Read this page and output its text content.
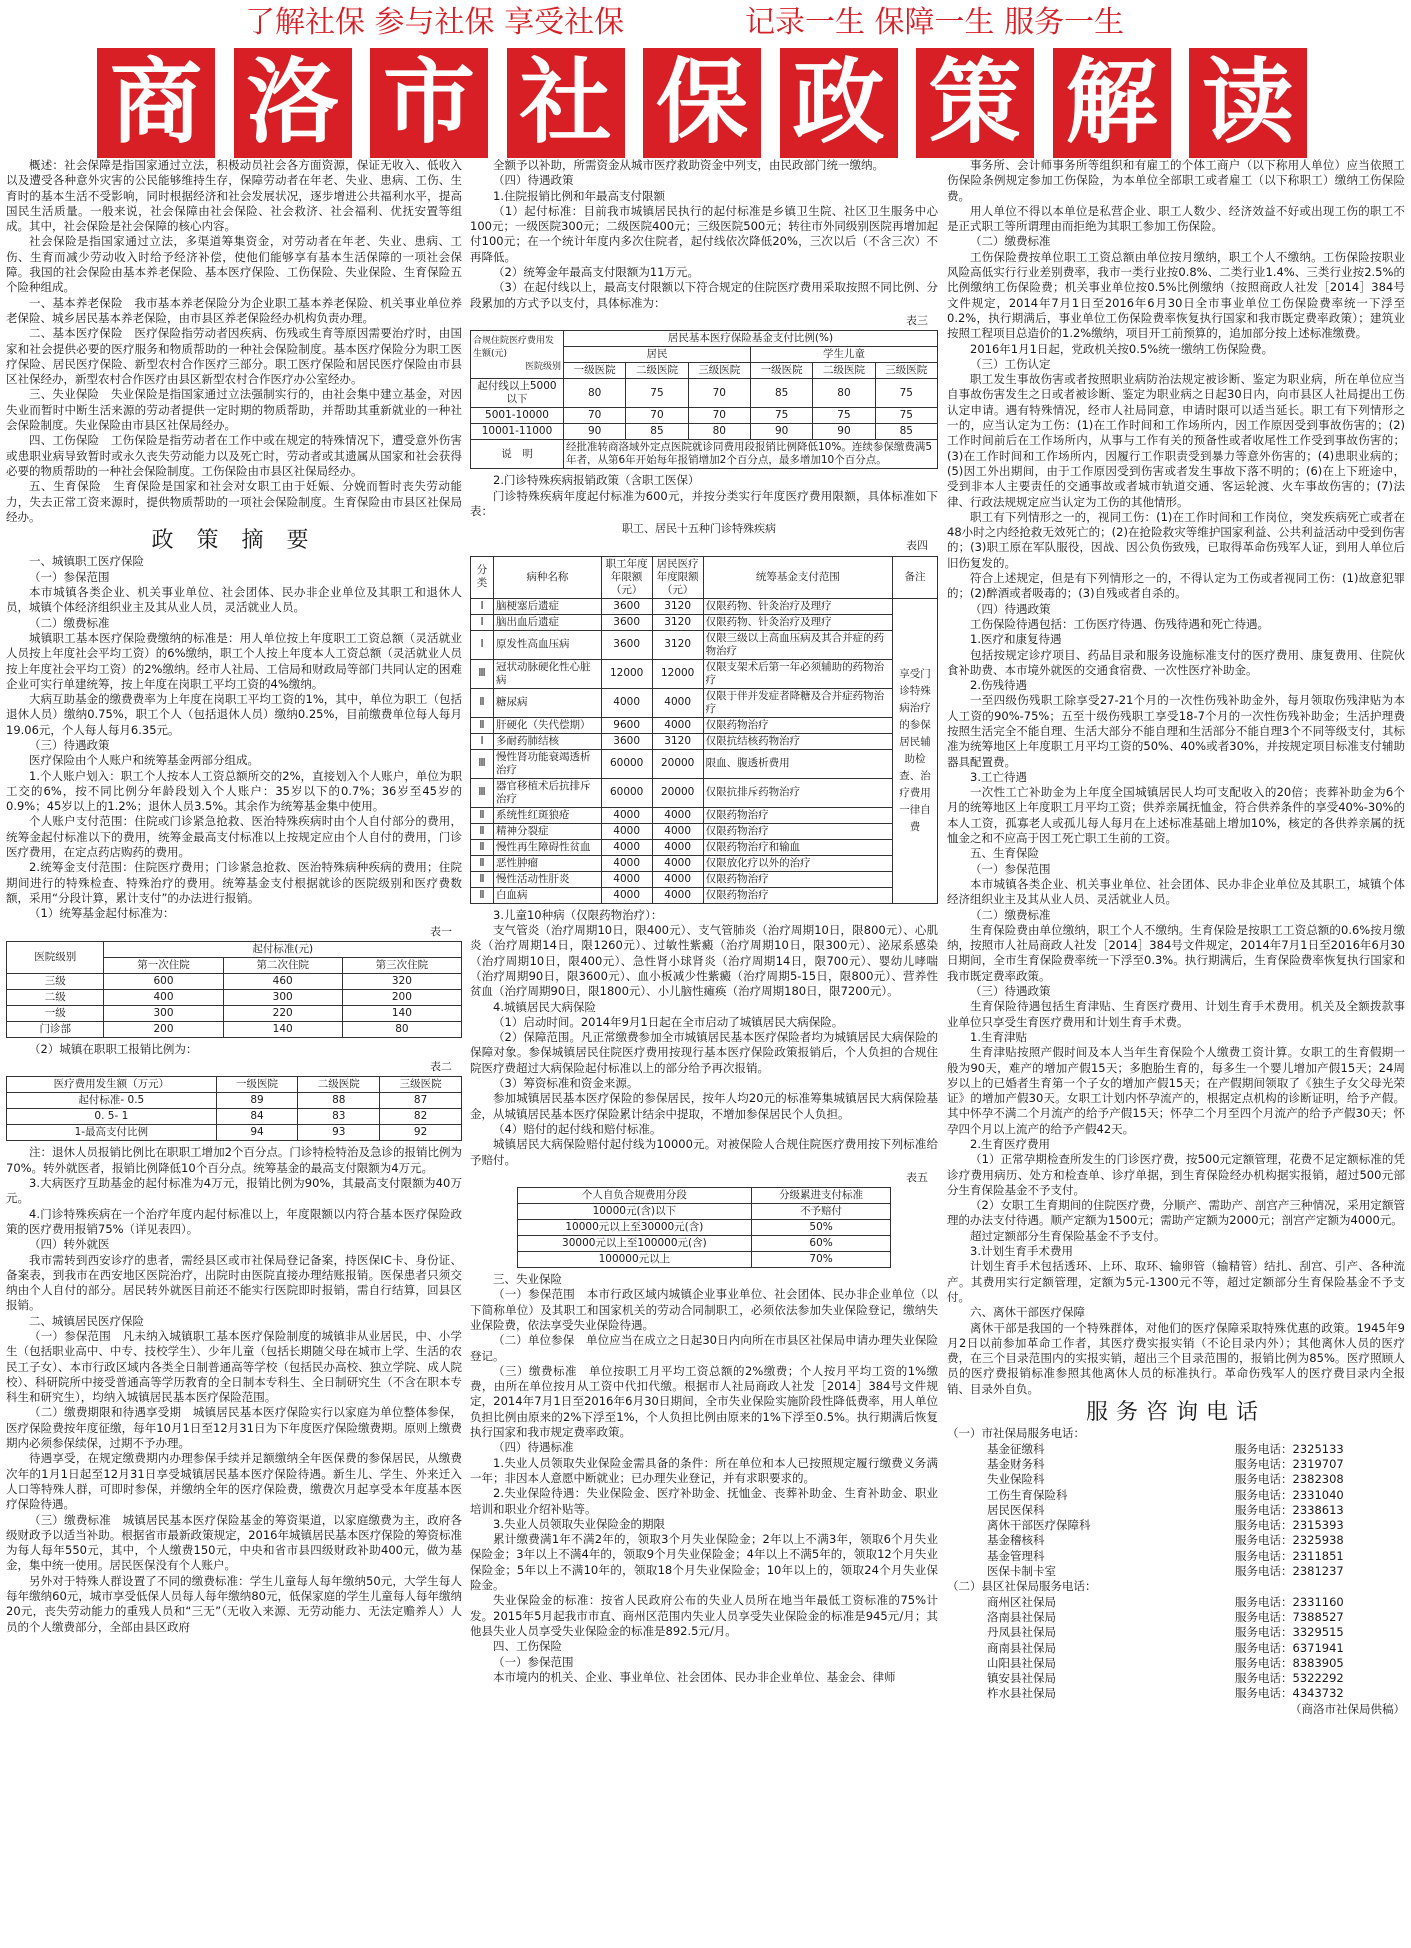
了解社保 参与社保 享受社保	记录一生 保障一生 服务一生
商 洛 市 社 保 政 策 解 读

概述：社会保障是指国家通过立法，积极动员社会各方面资源，保证无收入、低收入以及遭受各种意外灾害的公民能够维持生存，保障劳动者在年老、失业、患病、工伤、生育时的基本生活不受影响，同时根据经济和社会发展状况，逐步增进公共福利水平，提高国民生活质量。一般来说，社会保障由社会保险、社会救济、社会福利、优抚安置等组成。其中，社会保险是社会保障的核心内容。

社会保险是指国家通过立法，多渠道筹集资金，对劳动者在年老、失业、患病、工伤、生育而减少劳动收入时给予经济补偿，使他们能够享有基本生活保障的一项社会保障。我国的社会保险由基本养老保险、基本医疗保险、工伤保险、失业保险、生育保险五个险种组成。

一、基本养老保险　我市基本养老保险分为企业职工基本养老保险、机关事业单位养老保险、城乡居民基本养老保险，由市县区养老保险经办机构负责办理。

二、基本医疗保险　医疗保险指劳动者因疾病、伤残或生育等原因需要治疗时，由国家和社会提供必要的医疗服务和物质帮助的一种社会保险制度。基本医疗保险分为职工医疗保险、居民医疗保险、新型农村合作医疗三部分。职工医疗保险和居民医疗保险由市县区社保经办，新型农村合作医疗由县区新型农村合作医疗办公室经办。

三、失业保险　失业保险是指国家通过立法强制实行的，由社会集中建立基金，对因失业而暂时中断生活来源的劳动者提供一定时期的物质帮助，并帮助其重新就业的一种社会保险制度。失业保险由市县区社保局经办。

四、工伤保险　工伤保险是指劳动者在工作中或在规定的特殊情况下，遭受意外伤害或患职业病导致暂时或永久丧失劳动能力以及死亡时，劳动者或其遗属从国家和社会获得必要的物质帮助的一种社会保险制度。工伤保险由市县区社保局经办。

五、生育保险　生育保险是国家和社会对女职工由于妊娠、分娩而暂时丧失劳动能力，失去正常工资来源时，提供物质帮助的一项社会保险制度。生育保险由市县区社保局经办。

政 策 摘 要

一、城镇职工医疗保险

（一）参保范围

本市城镇各类企业、机关事业单位、社会团体、民办非企业单位及其职工和退休人员，城镇个体经济组织业主及其从业人员，灵活就业人员。

（二）缴费标准

城镇职工基本医疗保险费缴纳的标准是：用人单位按上年度职工工资总额（灵活就业人员按上年度社会平均工资）的6%缴纳，职工个人按上年度本人工资总额（灵活就业人员按上年度社会平均工资）的2%缴纳。经市人社局、工信局和财政局等部门共同认定的困难企业可实行单建统筹，按上年度在岗职工平均工资的4%缴纳。

大病互助基金的缴费费率为上年度在岗职工平均工资的1%，其中，单位为职工（包括退休人员）缴纳0.75%，职工个人（包括退休人员）缴纳0.25%，目前缴费单位每人每月19.06元，个人每人每月6.35元。

（三）待遇政策

医疗保险由个人账户和统筹基金两部分组成。

1.个人账户划入：职工个人按本人工资总额所交的2%，直接划入个人账户，单位为职工交的6%，按不同比例分年龄段划入个人账户：35岁以下的0.7%；36岁至45岁的0.9%；45岁以上的1.2%；退休人员3.5%。其余作为统筹基金集中使用。

个人账户支付范围：住院或门诊紧急抢救、医治特殊疾病时由个人自付部分的费用，统筹金起付标准以下的费用，统筹金最高支付标准以上按规定应由个人自付的费用，门诊医疗费用，在定点药店购药的费用。

2.统筹金支付范围：住院医疗费用；门诊紧急抢救、医治特殊病种疾病的费用；住院期间进行的特殊检查、特殊治疗的费用。统筹基金支付根据就诊的医院级别和医疗费数额，采用“分段计算，累计支付”的办法进行报销。

（1）统筹基金起付标准为：

表一
医院级别	起付标准(元)		
	第一次住院	第二次住院	第三次住院
三级	600	460	320
二级	400	300	200
一级	300	220	140
门诊部	200	140	80

（2）城镇在职职工报销比例为：

表二
医疗费用发生额（万元）	一级医院	二级医院	三级医院
起付标准- 0.5	89	88	87
0. 5- 1	84	83	82
1-最高支付比例	94	93	92

注：退休人员报销比例比在职职工增加2个百分点。门诊特检特治及急诊的报销比例为70%。转外就医者，报销比例降低10个百分点。统筹基金的最高支付限额为4万元。

3.大病医疗互助基金的起付标准为4万元，报销比例为90%，其最高支付限额为40万元。

4.门诊特殊疾病在一个治疗年度内起付标准以上，年度限额以内符合基本医疗保险政策的医疗费用报销75%（详见表四）。

（四）转外就医

我市需转到西安诊疗的患者，需经县区或市社保局登记备案，持医保IC卡、身份证、备案表，到我市在西安地区医院治疗，出院时由医院直接办理结账报销。医保患者只须交纳由个人自付的部分。居民转外就医目前还不能实行医院即时报销，需自行结算，回县区报销。

二、城镇居民医疗保险

（一）参保范围　凡未纳入城镇职工基本医疗保险制度的城镇非从业居民，中、小学生（包括职业高中、中专、技校学生）、少年儿童（包括长期随父母在城市上学、生活的农民工子女）、本市行政区域内各类全日制普通高等学校（包括民办高校、独立学院、成人院校）、科研院所中接受普通高等学历教育的全日制本专科生、全日制研究生（不含在职本专科生和研究生），均纳入城镇居民基本医疗保险范围。

（二）缴费期限和待遇享受期　城镇居民基本医疗保险实行以家庭为单位整体参保，医疗保险费按年度征缴，每年10月1日至12月31日为下年度医疗保险缴费期。原则上缴费期内必须参保续保，过期不予办理。

待遇享受，在规定缴费期内办理参保手续并足额缴纳全年医保费的参保居民，从缴费次年的1月1日起至12月31日享受城镇居民基本医疗保险待遇。新生儿、学生、外来迁入人口等特殊人群，可即时参保，并缴纳全年的医疗保险费，缴费次月起享受本年度基本医疗保险待遇。

（三）缴费标准　城镇居民基本医疗保险基金的筹资渠道，以家庭缴费为主，政府各级财政予以适当补助。根据省市最新政策规定，2016年城镇居民基本医疗保险的筹资标准为每人每年550元，其中，个人缴费150元，中央和省市县四级财政补助400元，做为基金，集中统一使用。居民医保没有个人账户。

另外对于特殊人群设置了不同的缴费标准：学生儿童每人每年缴纳50元，大学生每人每年缴纳60元，城市享受低保人员每人每年缴纳80元，低保家庭的学生儿童每人每年缴纳20元，丧失劳动能力的重残人员和“三无”（无收入来源、无劳动能力、无法定赡养人）人员的个人缴费部分，全部由县区政府

全额予以补助，所需资金从城市医疗救助资金中列支，由民政部门统一缴纳。

（四）待遇政策

1.住院报销比例和年最高支付限额

（1）起付标准：目前我市城镇居民执行的起付标准是乡镇卫生院、社区卫生服务中心100元；一级医院300元；二级医院400元；三级医院500元；转往市外同级别医院再增加起付100元；在一个统计年度内多次住院者，起付线依次降低20%，三次以后（不含三次）不再降低。

（2）统筹金年最高支付限额为11万元。

（3）在起付线以上，最高支付限额以下符合规定的住院医疗费用采取按照不同比例、分段累加的方式予以支付，具体标准为：

表三
合规住院医疗费用发生额(元)
医院级别	居民基本医疗保险基金支付比例(%)					
	居民			学生儿童		
	一级医院	二级医院	三级医院	一级医院	二级医院	三级医院
起付线以上5000以下	80	75	70	85	80	75
5001-10000	70	70	70	75	75	75
10001-11000	90	85	80	90	90	85
说　明	经批准转商洛域外定点医院就诊同费用段报销比例降低10%。连续参保缴费满5年者，从第6年开始每年报销增加2个百分点，最多增加10个百分点。					

2.门诊特殊疾病报销政策（含职工医保）

门诊特殊疾病年度起付标准为600元，并按分类实行年度医疗费用限额，具体标准如下表：

职工、居民十五种门诊特殊疾病
表四
分类	病种名称	职工年度年限额（元）	居民医疗年度限额（元）	统筹基金支付范围	备注
Ⅰ	脑梗塞后遗症	3600	3120	仅限药物、针灸治疗及理疗	享受门诊特殊病治疗的参保居民辅助检查、治疗费用一律自费
Ⅰ	脑出血后遗症	3600	3120	仅限药物、针灸治疗及理疗	
Ⅰ	原发性高血压病	3600	3120	仅限三级以上高血压病及其合并症的药物治疗	
Ⅲ	冠状动脉硬化性心脏病	12000	12000	仅限支架术后第一年必须辅助的药物治疗	
Ⅱ	糖尿病	4000	4000	仅限于伴并发症者降糖及合并症药物治疗	
Ⅱ	肝硬化（失代偿期）	9600	4000	仅限药物治疗	
Ⅰ	多耐药肺结核	3600	3120	仅限抗结核药物治疗	
Ⅲ	慢性肾功能衰竭透析治疗	60000	20000	限血、腹透析费用	
Ⅲ	器官移植术后抗排斥治疗	60000	20000	仅限抗排斥药物治疗	
Ⅱ	系统性红斑狼疮	4000	4000	仅限药物治疗	
Ⅱ	精神分裂症	4000	4000	仅限药物治疗	
Ⅱ	慢性再生障碍性贫血	4000	4000	仅限药物治疗和输血	
Ⅱ	恶性肿瘤	4000	4000	仅限放化疗以外的治疗	
Ⅱ	慢性活动性肝炎	4000	4000	仅限药物治疗	
Ⅱ	白血病	4000	4000	仅限药物治疗	

3.儿童10种病（仅限药物治疗）：

支气管炎（治疗周期10日，限400元）、支气管肺炎（治疗周期10日，限800元）、心肌炎（治疗周期14日，限1260元）、过敏性紫癜（治疗周期10日，限300元）、泌尿系感染（治疗周期10日，限400元）、急性肾小球肾炎（治疗周期14日，限700元）、婴幼儿哮喘（治疗周期90日，限3600元）、血小板减少性紫癜（治疗周期5-15日，限800元）、营养性贫血（治疗周期90日，限1800元）、小儿脑性瘫痪（治疗周期180日，限7200元）。

4.城镇居民大病保险

（1）启动时间。2014年9月1日起在全市启动了城镇居民大病保险。

（2）保障范围。凡正常缴费参加全市城镇居民基本医疗保险者均为城镇居民大病保险的保障对象。参保城镇居民住院医疗费用按现行基本医疗保险政策报销后，个人负担的合规住院医疗费超过大病保险起付标准以上的部分给予再次报销。

（3）筹资标准和资金来源。

参加城镇居民基本医疗保险的参保居民，按年人均20元的标准筹集城镇居民大病保险基金，从城镇居民基本医疗保险累计结余中提取，不增加参保居民个人负担。

（4）赔付的起付线和赔付标准。

城镇居民大病保险赔付起付线为10000元。对被保险人合规住院医疗费用按下列标准给予赔付。

表五
个人自负合规费用分段	分级累进支付标准
10000元(含)以下	不予赔付
10000元以上至30000元(含)	50%
30000元以上至100000元(含)	60%
100000元以上	70%

三、失业保险

（一）参保范围　本市行政区域内城镇企业事业单位、社会团体、民办非企业单位（以下简称单位）及其职工和国家机关的劳动合同制职工，必须依法参加失业保险登记，缴纳失业保险费，依法享受失业保险待遇。

（二）单位参保　单位应当在成立之日起30日内向所在市县区社保局申请办理失业保险登记。

（三）缴费标准　单位按职工月平均工资总额的2%缴费；个人按月平均工资的1%缴费，由所在单位按月从工资中代扣代缴。根据市人社局商政人社发［2014］384号文件规定，2014年7月1日至2016年6月30日期间，全市失业保险实施阶段性降低费率，用人单位负担比例由原来的2%下浮至1%，个人负担比例由原来的1%下浮至0.5%。执行期满后恢复执行国家和我市规定费率政策。

（四）待遇标准

1.失业人员领取失业保险金需具备的条件：所在单位和本人已按照规定履行缴费义务满一年；非因本人意愿中断就业；已办理失业登记，并有求职要求的。

2.失业保险待遇：失业保险金、医疗补助金、抚恤金、丧葬补助金、生育补助金、职业培训和职业介绍补贴等。

3.失业人员领取失业保险金的期限

累计缴费满1年不满2年的，领取3个月失业保险金；2年以上不满3年，领取6个月失业保险金；3年以上不满4年的，领取9个月失业保险金；4年以上不满5年的，领取12个月失业保险金；5年以上不满10年的，领取18个月失业保险金；10年以上的，领取24个月失业保险金。

失业保险金的标准：按省人民政府公布的失业人员所在地当年最低工资标准的75%计发。2015年5月起我市市直、商州区范围内失业人员享受失业保险金的标准是945元/月；其他县失业人员享受失业保险金的标准是892.5元/月。

四、工伤保险

（一）参保范围

本市境内的机关、企业、事业单位、社会团体、民办非企业单位、基金会、律师

事务所、会计师事务所等组织和有雇工的个体工商户（以下称用人单位）应当依照工伤保险条例规定参加工伤保险，为本单位全部职工或者雇工（以下称职工）缴纳工伤保险费。

用人单位不得以本单位是私营企业、职工人数少、经济效益不好或出现工伤的职工不是正式职工等所谓理由而拒绝为其职工参加工伤保险。

（二）缴费标准

工伤保险费按单位职工工资总额由单位按月缴纳，职工个人不缴纳。工伤保险按职业风险高低实行行业差别费率，我市一类行业按0.8%、二类行业1.4%、三类行业按2.5%的比例缴纳工伤保险费；机关事业单位按0.5%比例缴纳（按照商政人社发［2014］384号文件规定，2014年7月1日至2016年6月30日全市事业单位工伤保险费率统一下浮至0.2%，执行期满后，事业单位工伤保险费率恢复执行国家和我市既定费率政策）；建筑业按照工程项目总造价的1.2%缴纳，项目开工前预算的，追加部分按上述标准缴费。

2016年1月1日起，党政机关按0.5%统一缴纳工伤保险费。

（三）工伤认定

职工发生事故伤害或者按照职业病防治法规定被诊断、鉴定为职业病，所在单位应当自事故伤害发生之日或者被诊断、鉴定为职业病之日起30日内，向市县区人社局提出工伤认定申请。遇有特殊情况，经市人社局同意，申请时限可以适当延长。职工有下列情形之一的，应当认定为工伤：(1)在工作时间和工作场所内，因工作原因受到事故伤害的；(2)工作时间前后在工作场所内，从事与工作有关的预备性或者收尾性工作受到事故伤害的；(3)在工作时间和工作场所内，因履行工作职责受到暴力等意外伤害的；(4)患职业病的；(5)因工外出期间，由于工作原因受到伤害或者发生事故下落不明的；(6)在上下班途中，受到非本人主要责任的交通事故或者城市轨道交通、客运轮渡、火车事故伤害的；(7)法律、行政法规规定应当认定为工伤的其他情形。

职工有下列情形之一的，视同工伤：(1)在工作时间和工作岗位，突发疾病死亡或者在48小时之内经抢救无效死亡的；(2)在抢险救灾等维护国家利益、公共利益活动中受到伤害的；(3)职工原在军队服役，因战、因公负伤致残，已取得革命伤残军人证，到用人单位后旧伤复发的。

符合上述规定，但是有下列情形之一的，不得认定为工伤或者视同工伤：(1)故意犯罪的；(2)醉酒或者吸毒的；(3)自残或者自杀的。

（四）待遇政策

工伤保险待遇包括：工伤医疗待遇、伤残待遇和死亡待遇。

1.医疗和康复待遇

包括按规定诊疗项目、药品目录和服务设施标准支付的医疗费用、康复费用、住院伙食补助费、本市境外就医的交通食宿费、一次性医疗补助金。

2.伤残待遇

一至四级伤残职工除享受27-21个月的一次性伤残补助金外，每月领取伤残津贴为本人工资的90%-75%；五至十级伤残职工享受18-7个月的一次性伤残补助金；生活护理费按照生活完全不能自理、生活大部分不能自理和生活部分不能自理3个不同等级支付，其标准为统筹地区上年度职工月平均工资的50%、40%或者30%，并按规定项目标准支付辅助器具配置费。

3.工亡待遇

一次性工亡补助金为上年度全国城镇居民人均可支配收入的20倍；丧葬补助金为6个月的统筹地区上年度职工月平均工资；供养亲属抚恤金，符合供养条件的享受40%-30%的本人工资，孤寡老人或孤儿每人每月在上述标准基础上增加10%，核定的各供养亲属的抚恤金之和不应高于因工死亡职工生前的工资。

五、生育保险

（一）参保范围

本市城镇各类企业、机关事业单位、社会团体、民办非企业单位及其职工，城镇个体经济组织业主及其从业人员、灵活就业人员。

（二）缴费标准

生育保险费由单位缴纳，职工个人不缴纳。生育保险是按职工工资总额的0.6%按月缴纳，按照市人社局商政人社发［2014］384号文件规定，2014年7月1日至2016年6月30日期间，全市生育保险费率统一下浮至0.3%。执行期满后，生育保险费率恢复执行国家和我市既定费率政策。

（三）待遇政策

生育保险待遇包括生育津贴、生育医疗费用、计划生育手术费用。机关及全额拨款事业单位只享受生育医疗费用和计划生育手术费。

1.生育津贴

生育津贴按照产假时间及本人当年生育保险个人缴费工资计算。女职工的生育假期一般为90天，难产的增加产假15天；多胞胎生育的，每多生一个婴儿增加产假15天；24周岁以上的已婚者生育第一个子女的增加产假15天；在产假期间领取了《独生子女父母光荣证》的增加产假30天。女职工计划内怀孕流产的，根据定点机构的诊断证明，给予产假。其中怀孕不满二个月流产的给予产假15天；怀孕二个月至四个月流产的给予产假30天；怀孕四个月以上流产的给予产假42天。

2.生育医疗费用

（1）正常孕期检查所发生的门诊医疗费，按500元定额管理，花费不足定额标准的凭诊疗费用病历、处方和检查单、诊疗单据，到生育保险经办机构据实报销，超过500元部分生育保险基金不予支付。

（2）女职工生育期间的住院医疗费，分顺产、需助产、剖宫产三种情况，采用定额管理的办法支付待遇。顺产定额为1500元；需助产定额为2000元；剖宫产定额为4000元。

超过定额部分生育保险基金不予支付。

3.计划生育手术费用

计划生育手术包括透环、上环、取环、输卵管（输精管）结扎、刮宫、引产、各种流产。其费用实行定额管理，定额为5元-1300元不等，超过定额部分生育保险基金不予支付。

六、离休干部医疗保障

离休干部是我国的一个特殊群体，对他们的医疗保障采取特殊优惠的政策。1945年9月2日以前参加革命工作者，其医疗费实报实销（不论目录内外）；其他离休人员的医疗费，在三个目录范围内的实报实销，超出三个目录范围的，报销比例为85%。医疗照顾人员的医疗费报销标准参照其他离休人员的标准执行。革命伤残军人的医疗费目录内全报销、目录外自负。

服务咨询电话
（一）市社保局服务电话：
基金征缴科	服务电话：2325133
基金财务科	服务电话：2319707
失业保险科	服务电话：2382308
工伤生育保险科	服务电话：2331040
居民医保科	服务电话：2338613
离休干部医疗保障科	服务电话：2315393
基金稽核科	服务电话：2325938
基金管理科	服务电话：2311851
医保卡制卡室	服务电话：2381237
（二）县区社保局服务电话：
商州区社保局	服务电话：2331160
洛南县社保局	服务电话：7388527
丹凤县社保局	服务电话：3329515
商南县社保局	服务电话：6371941
山阳县社保局	服务电话：8383905
镇安县社保局	服务电话：5322292
柞水县社保局	服务电话：4343732
（商洛市社保局供稿）
